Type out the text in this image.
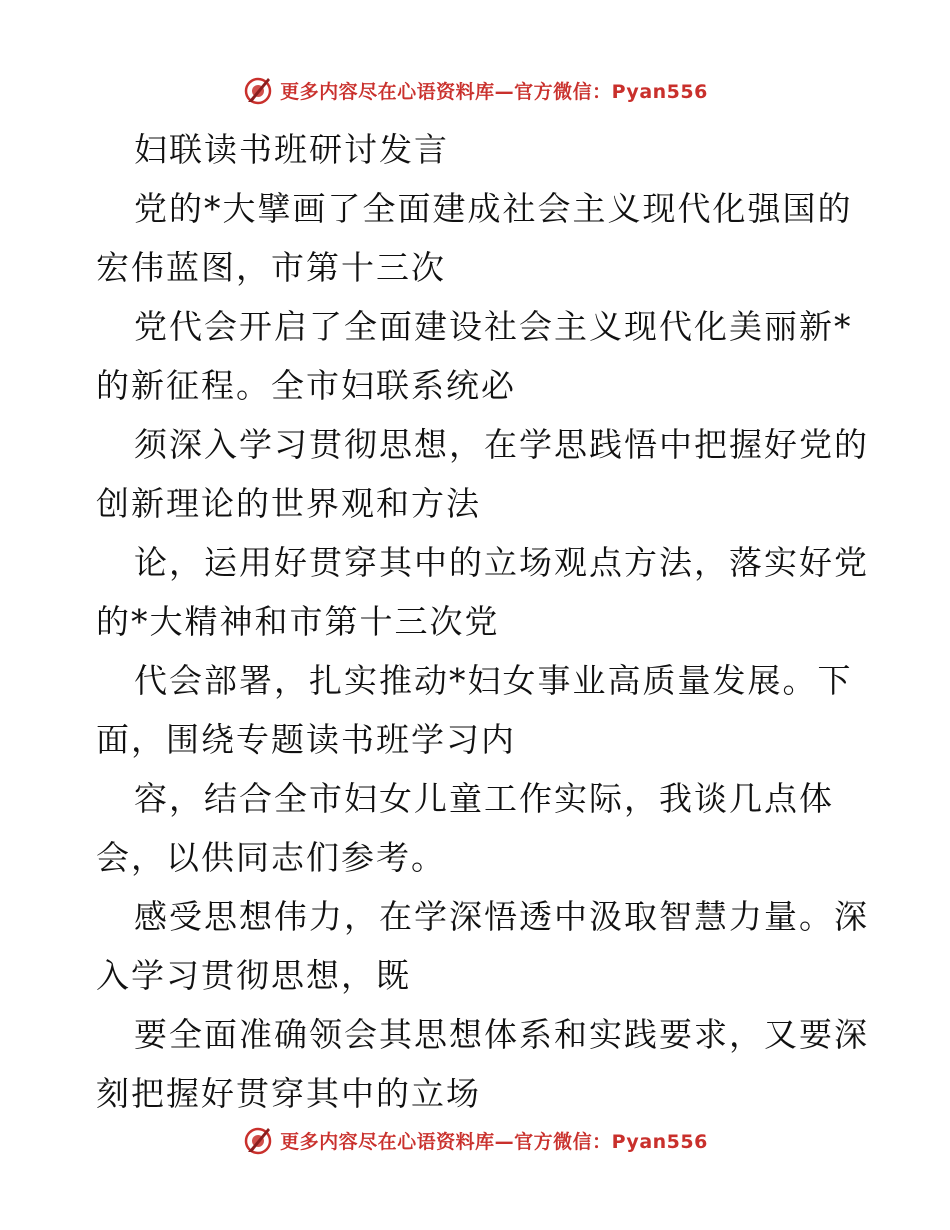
更多内容尽在心语资料库—官方微信：Pyan556
妇联读书班研讨发言
党的*大擘画了全面建成社会主义现代化强国的
宏伟蓝图，市第十三次
党代会开启了全面建设社会主义现代化美丽新*
的新征程。全市妇联系统必
须深入学习贯彻思想，在学思践悟中把握好党的
创新理论的世界观和方法
论，运用好贯穿其中的立场观点方法，落实好党
的*大精神和市第十三次党
代会部署，扎实推动*妇女事业高质量发展。下
面，围绕专题读书班学习内
容，结合全市妇女儿童工作实际，我谈几点体
会，以供同志们参考。
感受思想伟力，在学深悟透中汲取智慧力量。深
入学习贯彻思想，既
要全面准确领会其思想体系和实践要求，又要深
刻把握好贯穿其中的立场
更多内容尽在心语资料库—官方微信：Pyan556
